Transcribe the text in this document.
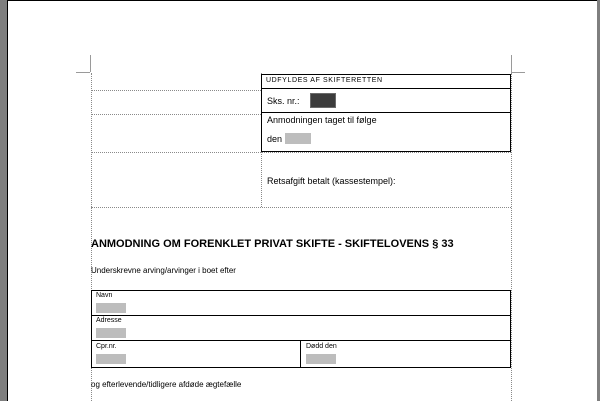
UDFYLDES AF SKIFTERETTEN
Sks. nr.:
Anmodningen taget til følge
den
Retsafgift betalt (kassestempel):
ANMODNING OM FORENKLET PRIVAT SKIFTE - SKIFTELOVENS § 33
Underskrevne arving/arvinger i boet efter
Navn
Adresse
Cpr.nr.	Dødd den
og efterlevende/tidligere afdøde ægtefælle
